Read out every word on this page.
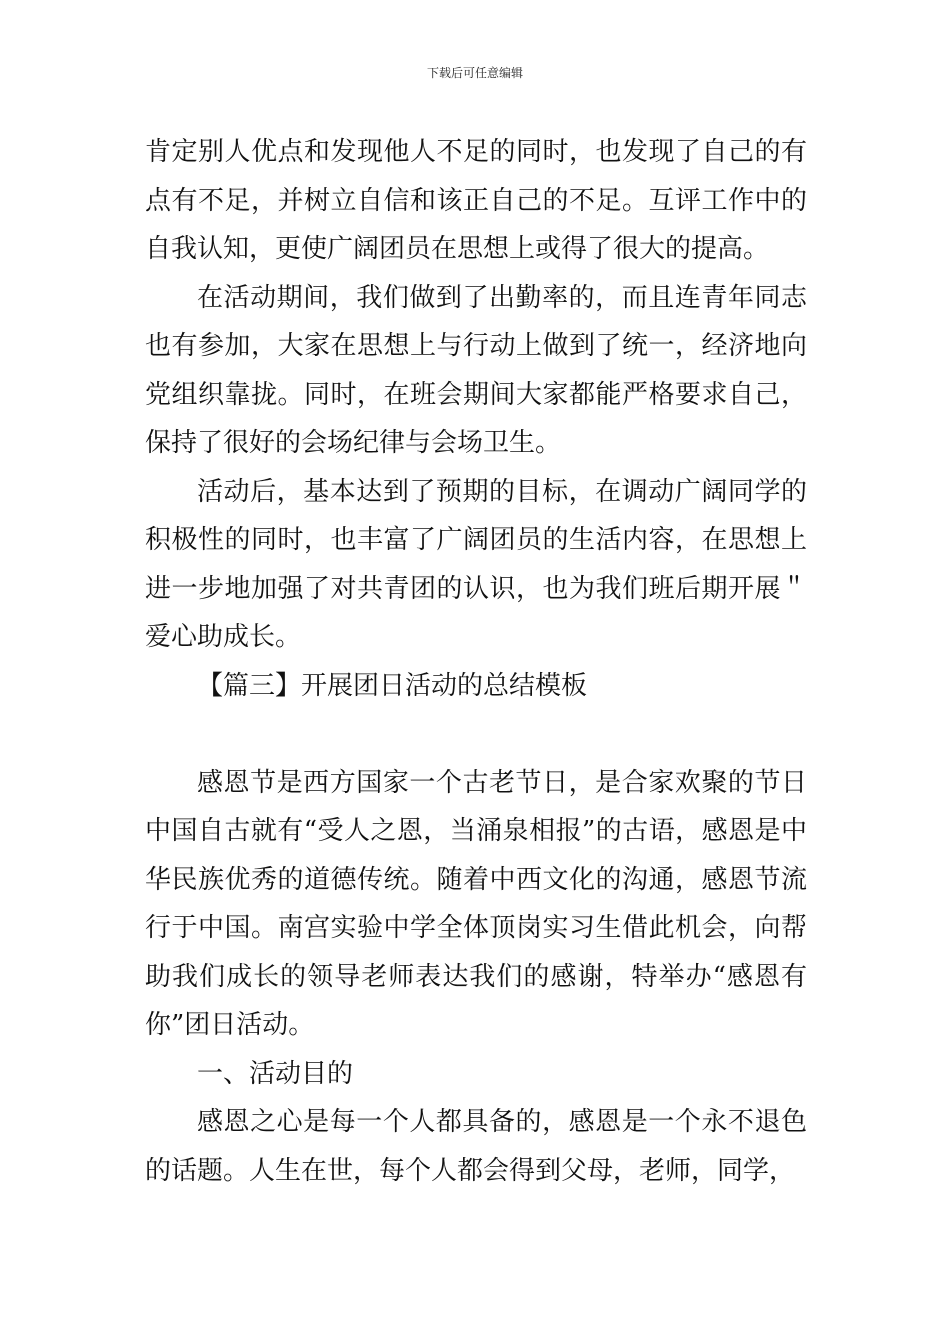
下载后可任意编辑

肯定别人优点和发现他人不足的同时，也发现了自己的有点有不足，并树立自信和该正自己的不足。互评工作中的自我认知，更使广阔团员在思想上或得了很大的提高。

在活动期间，我们做到了出勤率的，而且连青年同志也有参加，大家在思想上与行动上做到了统一，经济地向党组织靠拢。同时，在班会期间大家都能严格要求自己，保持了很好的会场纪律与会场卫生。

活动后，基本达到了预期的目标，在调动广阔同学的积极性的同时，也丰富了广阔团员的生活内容，在思想上进一步地加强了对共青团的认识，也为我们班后期开展＂爱心助成长。

【篇三】开展团日活动的总结模板

感恩节是西方国家一个古老节日，是合家欢聚的节日中国自古就有“受人之恩，当涌泉相报”的古语，感恩是中华民族优秀的道德传统。随着中西文化的沟通，感恩节流行于中国。南宫实验中学全体顶岗实习生借此机会，向帮助我们成长的领导老师表达我们的感谢，特举办“感恩有你”团日活动。

一、活动目的

感恩之心是每一个人都具备的，感恩是一个永不退色的话题。人生在世，每个人都会得到父母，老师，同学，
